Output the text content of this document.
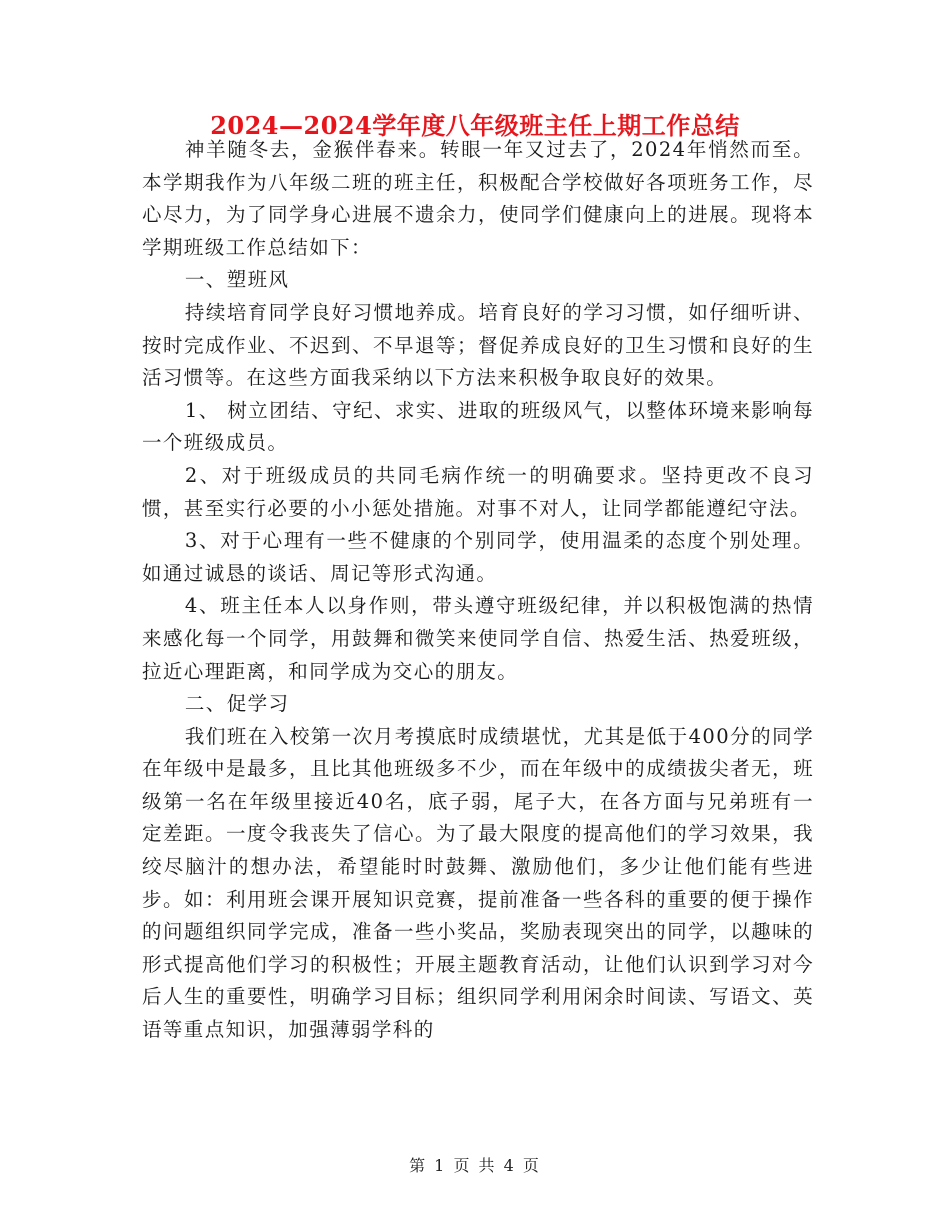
2024—2024学年度八年级班主任上期工作总结

神羊随冬去，金猴伴春来。转眼一年又过去了，2024年悄然而至。本学期我作为八年级二班的班主任，积极配合学校做好各项班务工作，尽心尽力，为了同学身心进展不遗余力，使同学们健康向上的进展。现将本学期班级工作总结如下：

一、塑班风

持续培育同学良好习惯地养成。培育良好的学习习惯，如仔细听讲、按时完成作业、不迟到、不早退等；督促养成良好的卫生习惯和良好的生活习惯等。在这些方面我采纳以下方法来积极争取良好的效果。

1、 树立团结、守纪、求实、进取的班级风气，以整体环境来影响每一个班级成员。

2、对于班级成员的共同毛病作统一的明确要求。坚持更改不良习惯，甚至实行必要的小小惩处措施。对事不对人，让同学都能遵纪守法。

3、对于心理有一些不健康的个别同学，使用温柔的态度个别处理。如通过诚恳的谈话、周记等形式沟通。

4、班主任本人以身作则，带头遵守班级纪律，并以积极饱满的热情来感化每一个同学，用鼓舞和微笑来使同学自信、热爱生活、热爱班级，拉近心理距离，和同学成为交心的朋友。

二、促学习

我们班在入校第一次月考摸底时成绩堪忧，尤其是低于400分的同学在年级中是最多，且比其他班级多不少，而在年级中的成绩拔尖者无，班级第一名在年级里接近40名，底子弱，尾子大，在各方面与兄弟班有一定差距。一度令我丧失了信心。为了最大限度的提高他们的学习效果，我绞尽脑汁的想办法，希望能时时鼓舞、激励他们，多少让他们能有些进步。如：利用班会课开展知识竞赛，提前准备一些各科的重要的便于操作的问题组织同学完成，准备一些小奖品，奖励表现突出的同学，以趣味的形式提高他们学习的积极性；开展主题教育活动，让他们认识到学习对今后人生的重要性，明确学习目标；组织同学利用闲余时间读、写语文、英语等重点知识，加强薄弱学科的

第 1 页 共 4 页
